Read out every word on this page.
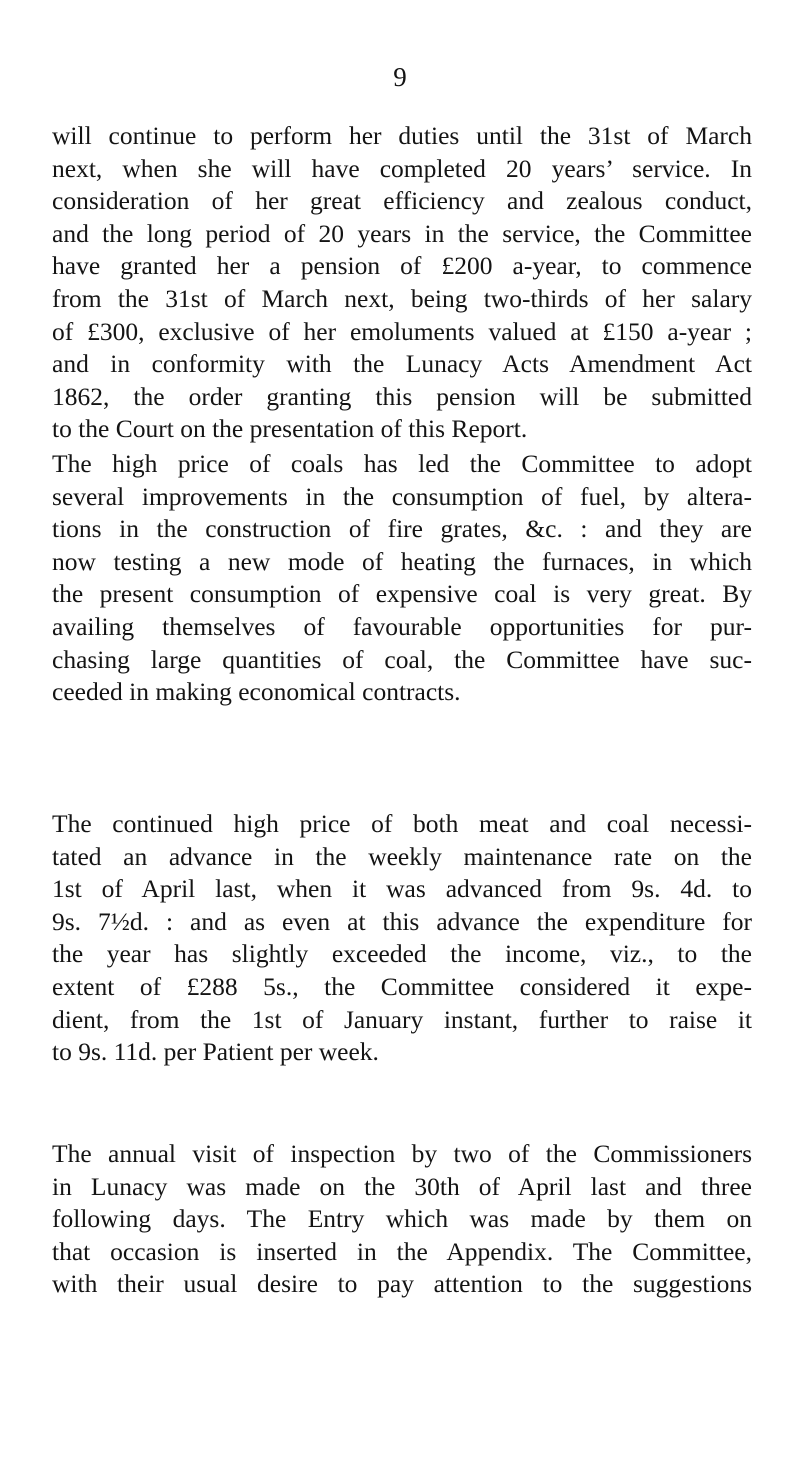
9
will continue to perform her duties until the 31st of March
next, when she will have completed 20 years’ service. In
consideration of her great efficiency and zealous conduct,
and the long period of 20 years in the service, the Committee
have granted her a pension of £200 a-year, to commence
from the 31st of March next, being two-thirds of her salary
of £300, exclusive of her emoluments valued at £150 a-year ;
and in conformity with the Lunacy Acts Amendment Act
1862, the order granting this pension will be submitted
to the Court on the presentation of this Report.
The high price of coals has led the Committee to adopt
several improvements in the consumption of fuel, by altera-
tions in the construction of fire grates, &c. : and they are
now testing a new mode of heating the furnaces, in which
the present consumption of expensive coal is very great. By
availing themselves of favourable opportunities for pur-
chasing large quantities of coal, the Committee have suc-
ceeded in making economical contracts.
The continued high price of both meat and coal necessi-
tated an advance in the weekly maintenance rate on the
1st of April last, when it was advanced from 9s. 4d. to
9s. 7½d. : and as even at this advance the expenditure for
the year has slightly exceeded the income, viz., to the
extent of £288 5s., the Committee considered it expe-
dient, from the 1st of January instant, further to raise it
to 9s. 11d. per Patient per week.
The annual visit of inspection by two of the Commissioners
in Lunacy was made on the 30th of April last and three
following days. The Entry which was made by them on
that occasion is inserted in the Appendix. The Committee,
with their usual desire to pay attention to the suggestions
